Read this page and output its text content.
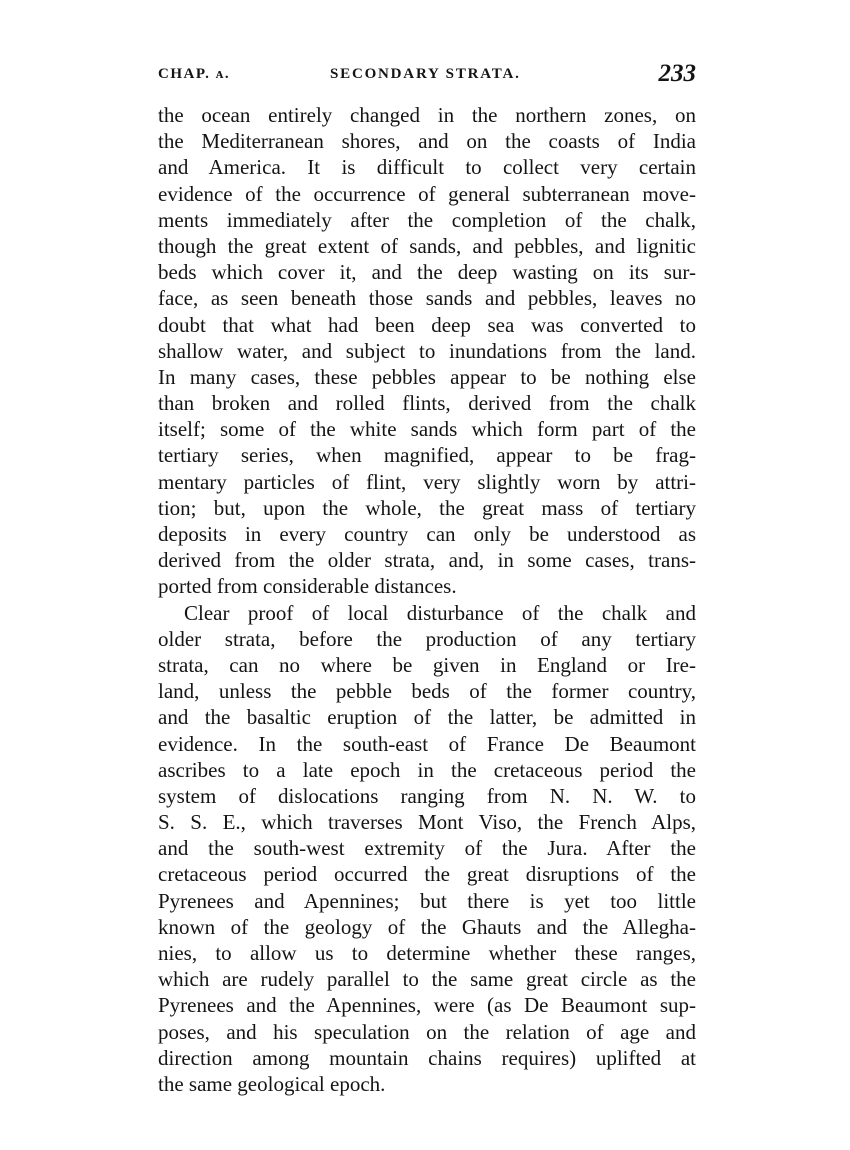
CHAP. ᴀ.	SECONDARY STRATA.	233
the ocean entirely changed in the northern zones, on
the Mediterranean shores, and on the coasts of India
and America. It is difficult to collect very certain
evidence of the occurrence of general subterranean move-
ments immediately after the completion of the chalk,
though the great extent of sands, and pebbles, and lignitic
beds which cover it, and the deep wasting on its sur-
face, as seen beneath those sands and pebbles, leaves no
doubt that what had been deep sea was converted to
shallow water, and subject to inundations from the land.
In many cases, these pebbles appear to be nothing else
than broken and rolled flints, derived from the chalk
itself; some of the white sands which form part of the
tertiary series, when magnified, appear to be frag-
mentary particles of flint, very slightly worn by attri-
tion; but, upon the whole, the great mass of tertiary
deposits in every country can only be understood as
derived from the older strata, and, in some cases, trans-
ported from considerable distances.
Clear proof of local disturbance of the chalk and
older strata, before the production of any tertiary
strata, can no where be given in England or Ire-
land, unless the pebble beds of the former country,
and the basaltic eruption of the latter, be admitted in
evidence. In the south-east of France De Beaumont
ascribes to a late epoch in the cretaceous period the
system of dislocations ranging from N. N. W. to
S. S. E., which traverses Mont Viso, the French Alps,
and the south-west extremity of the Jura. After the
cretaceous period occurred the great disruptions of the
Pyrenees and Apennines; but there is yet too little
known of the geology of the Ghauts and the Allegha-
nies, to allow us to determine whether these ranges,
which are rudely parallel to the same great circle as the
Pyrenees and the Apennines, were (as De Beaumont sup-
poses, and his speculation on the relation of age and
direction among mountain chains requires) uplifted at
the same geological epoch.
